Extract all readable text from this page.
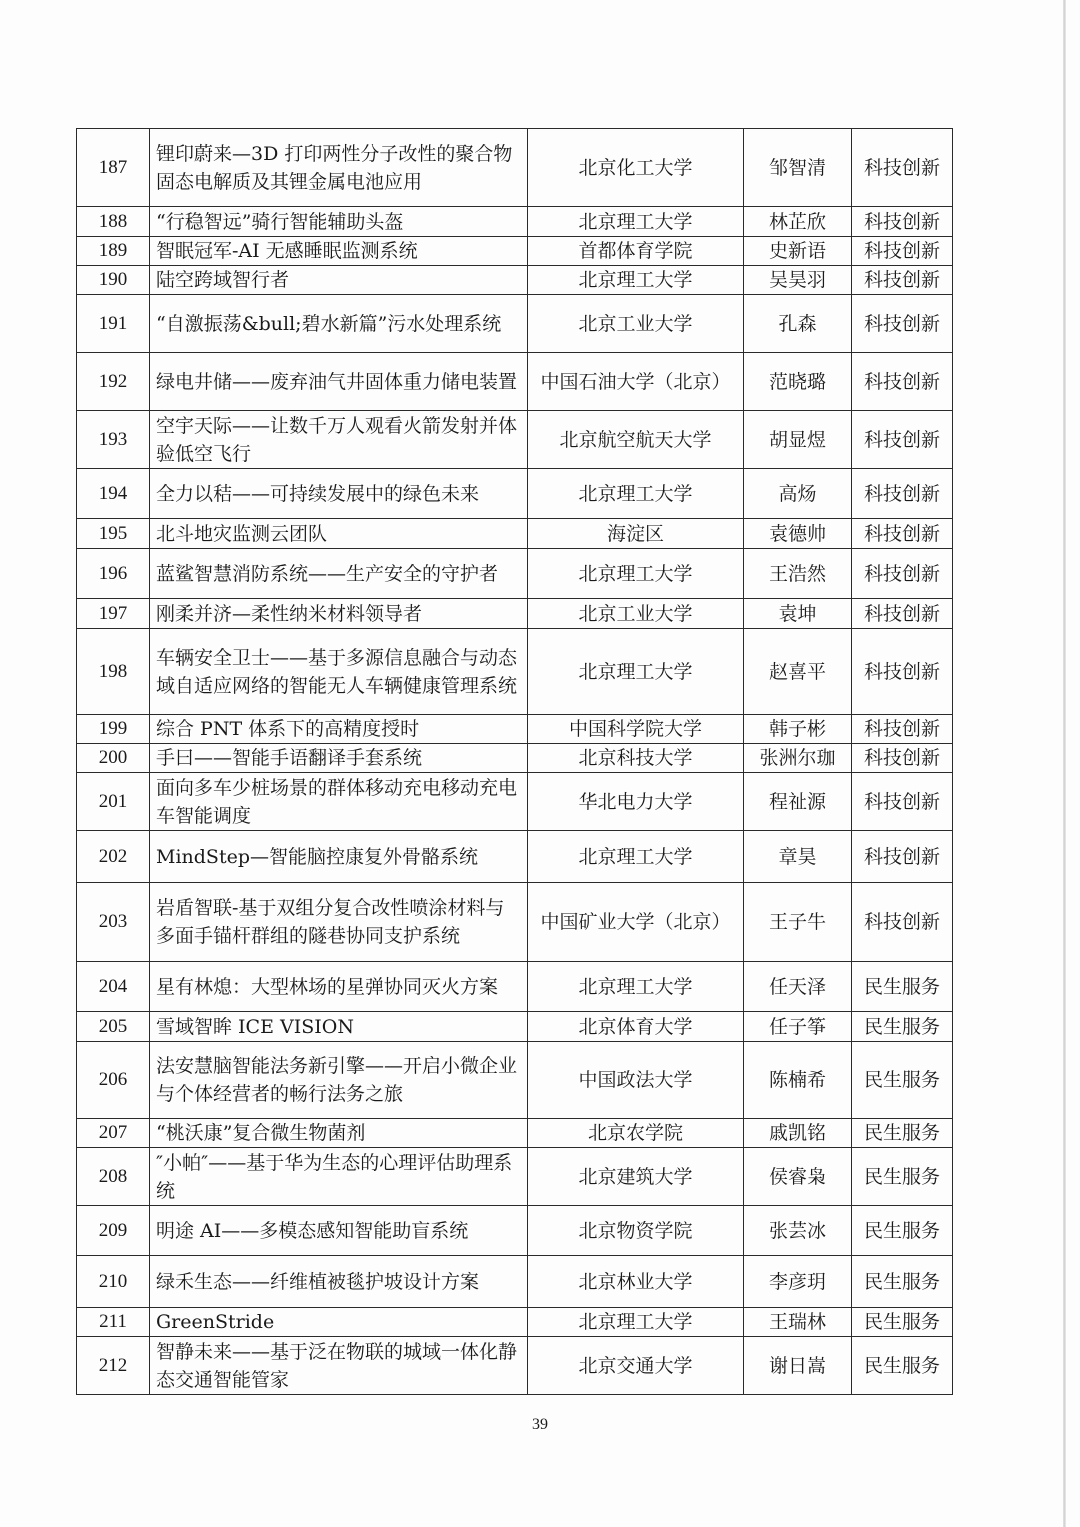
187	锂印蔚来—3D 打印两性分子改性的聚合物固态电解质及其锂金属电池应用	北京化工大学	邹智清	科技创新
188	“行稳智远”骑行智能辅助头盔	北京理工大学	林芷欣	科技创新
189	智眠冠军-AI 无感睡眠监测系统	首都体育学院	史新语	科技创新
190	陆空跨域智行者	北京理工大学	吴昊羽	科技创新
191	“自激振荡&bull;碧水新篇”污水处理系统	北京工业大学	孔森	科技创新
192	绿电井储——废弃油气井固体重力储电装置	中国石油大学（北京）	范晓璐	科技创新
193	空宇天际——让数千万人观看火箭发射并体验低空飞行	北京航空航天大学	胡显煜	科技创新
194	全力以秸——可持续发展中的绿色未来	北京理工大学	高炀	科技创新
195	北斗地灾监测云团队	海淀区	袁德帅	科技创新
196	蓝鲨智慧消防系统——生产安全的守护者	北京理工大学	王浩然	科技创新
197	刚柔并济—柔性纳米材料领导者	北京工业大学	袁坤	科技创新
198	车辆安全卫士——基于多源信息融合与动态域自适应网络的智能无人车辆健康管理系统	北京理工大学	赵喜平	科技创新
199	综合 PNT 体系下的高精度授时	中国科学院大学	韩子彬	科技创新
200	手曰——智能手语翻译手套系统	北京科技大学	张洲尔珈	科技创新
201	面向多车少桩场景的群体移动充电移动充电车智能调度	华北电力大学	程祉源	科技创新
202	MindStep—智能脑控康复外骨骼系统	北京理工大学	章昊	科技创新
203	岩盾智联-基于双组分复合改性喷涂材料与多面手锚杆群组的隧巷协同支护系统	中国矿业大学（北京）	王子牛	科技创新
204	星有林熄：大型林场的星弹协同灭火方案	北京理工大学	任天泽	民生服务
205	雪域智眸 ICE VISION	北京体育大学	任子筝	民生服务
206	法安慧脑智能法务新引擎——开启小微企业与个体经营者的畅行法务之旅	中国政法大学	陈楠希	民生服务
207	“桃沃康”复合微生物菌剂	北京农学院	戚凯铭	民生服务
208	″小帕″——基于华为生态的心理评估助理系统	北京建筑大学	侯睿枭	民生服务
209	明途 AI——多模态感知智能助盲系统	北京物资学院	张芸冰	民生服务
210	绿禾生态——纤维植被毯护坡设计方案	北京林业大学	李彦玥	民生服务
211	GreenStride	北京理工大学	王瑞林	民生服务
212	智静未来——基于泛在物联的城域一体化静态交通智能管家	北京交通大学	谢日嵩	民生服务
39
